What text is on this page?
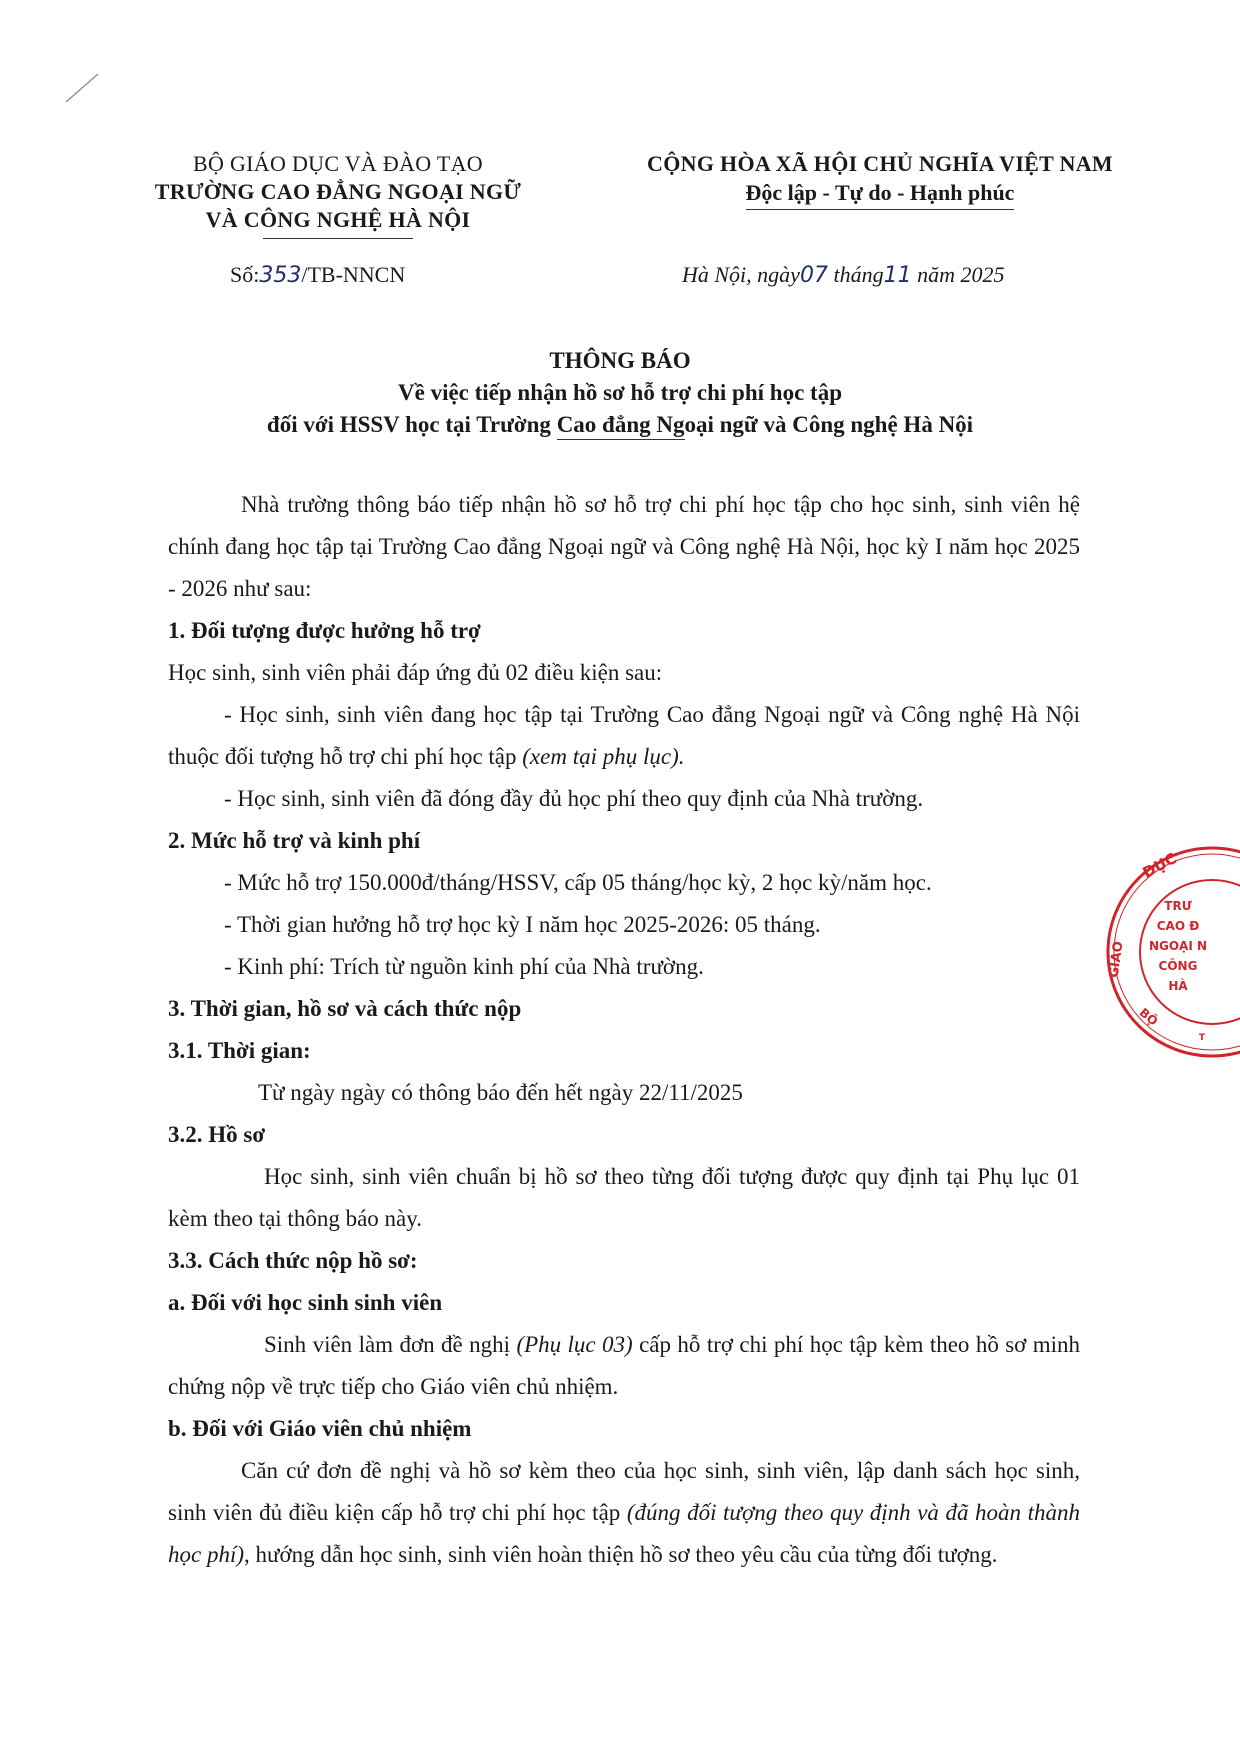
BỘ GIÁO DỤC VÀ ĐÀO TẠO
TRƯỜNG CAO ĐẲNG NGOẠI NGỮ
VÀ CÔNG NGHỆ HÀ NỘI
CỘNG HÒA XÃ HỘI CHỦ NGHĨA VIỆT NAM
Độc lập - Tự do - Hạnh phúc
Số:353/TB-NNCN	Hà Nội, ngày07 tháng11 năm 2025
THÔNG BÁO
Về việc tiếp nhận hồ sơ hỗ trợ chi phí học tập
đối với HSSV học tại Trường Cao đẳng Ngoại ngữ và Công nghệ Hà Nội

Nhà trường thông báo tiếp nhận hồ sơ hỗ trợ chi phí học tập cho học sinh, sinh viên hệ chính đang học tập tại Trường Cao đẳng Ngoại ngữ và Công nghệ Hà Nội, học kỳ I năm học 2025 - 2026 như sau:

1. Đối tượng được hưởng hỗ trợ

Học sinh, sinh viên phải đáp ứng đủ 02 điều kiện sau:

- Học sinh, sinh viên đang học tập tại Trường Cao đẳng Ngoại ngữ và Công nghệ Hà Nội thuộc đối tượng hỗ trợ chi phí học tập (xem tại phụ lục).

- Học sinh, sinh viên đã đóng đầy đủ học phí theo quy định của Nhà trường.

2. Mức hỗ trợ và kinh phí

- Mức hỗ trợ 150.000đ/tháng/HSSV, cấp 05 tháng/học kỳ, 2 học kỳ/năm học.

- Thời gian hưởng hỗ trợ học kỳ I năm học 2025-2026: 05 tháng.

- Kinh phí: Trích từ nguồn kinh phí của Nhà trường.

3. Thời gian, hồ sơ và cách thức nộp

3.1. Thời gian:

Từ ngày ngày có thông báo đến hết ngày 22/11/2025

3.2. Hồ sơ

Học sinh, sinh viên chuẩn bị hồ sơ theo từng đối tượng được quy định tại Phụ lục 01 kèm theo tại thông báo này.

3.3. Cách thức nộp hồ sơ:

a. Đối với học sinh sinh viên

Sinh viên làm đơn đề nghị (Phụ lục 03) cấp hỗ trợ chi phí học tập kèm theo hồ sơ minh chứng nộp về trực tiếp cho Giáo viên chủ nhiệm.

b. Đối với Giáo viên chủ nhiệm

Căn cứ đơn đề nghị và hồ sơ kèm theo của học sinh, sinh viên, lập danh sách học sinh, sinh viên đủ điều kiện cấp hỗ trợ chi phí học tập (đúng đối tượng theo quy định và đã hoàn thành học phí), hướng dẫn học sinh, sinh viên hoàn thiện hồ sơ theo yêu cầu của từng đối tượng.

DỤC
GIÁO
BỘ
TRƯ
CAO Đ
NGOẠI N
CÔNG
HÀ
T
